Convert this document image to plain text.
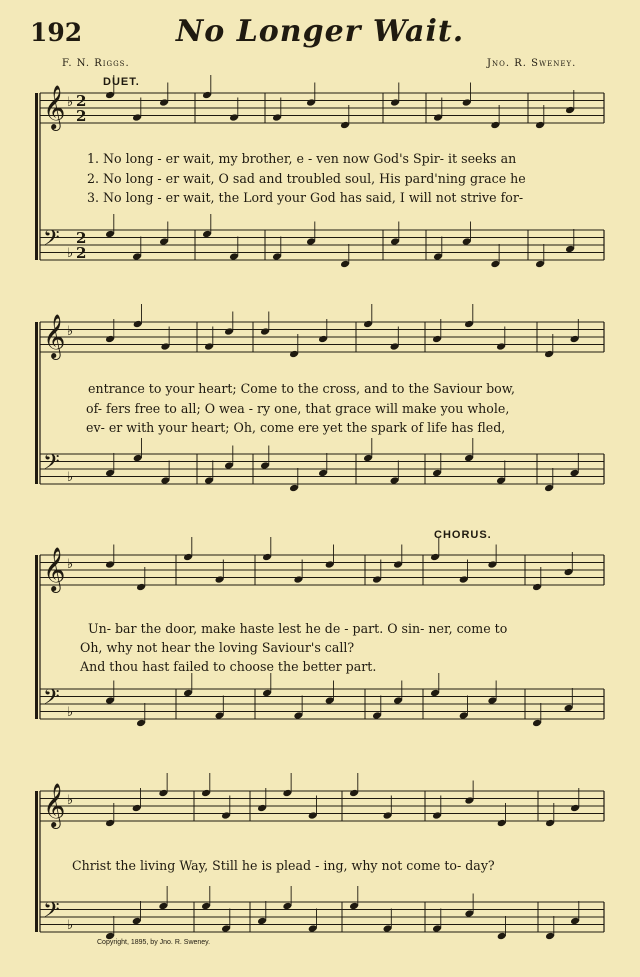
192	No Longer Wait.
F. N. Riggs.	Jno. R. Sweney.
DUET.
CHORUS.
𝄞 ♭ 2
2
𝄢 ♭
2
2
𝄞 ♭
𝄢 ♭
𝄞 ♭
𝄢 ♭
𝄞 ♭
𝄢 ♭
1. No long - er wait, my brother, e - ven now God's Spir- it seeks an
2. No long - er wait, O sad and troubled soul, His pard'ning grace he
3. No long - er wait, the Lord your God has said, I will not strive for-
entrance to your heart; Come to the cross, and to the Saviour bow,
of- fers free to all; O wea - ry one, that grace will make you whole,
ev- er with your heart; Oh, come ere yet the spark of life has fled,
Un- bar the door, make haste lest he de - part. O sin- ner, come to
Oh, why not hear the loving Saviour's call?
And thou hast failed to choose the better part.
Christ the living Way, Still he is plead - ing, why not come to- day?
Copyright, 1895, by Jno. R. Sweney.
